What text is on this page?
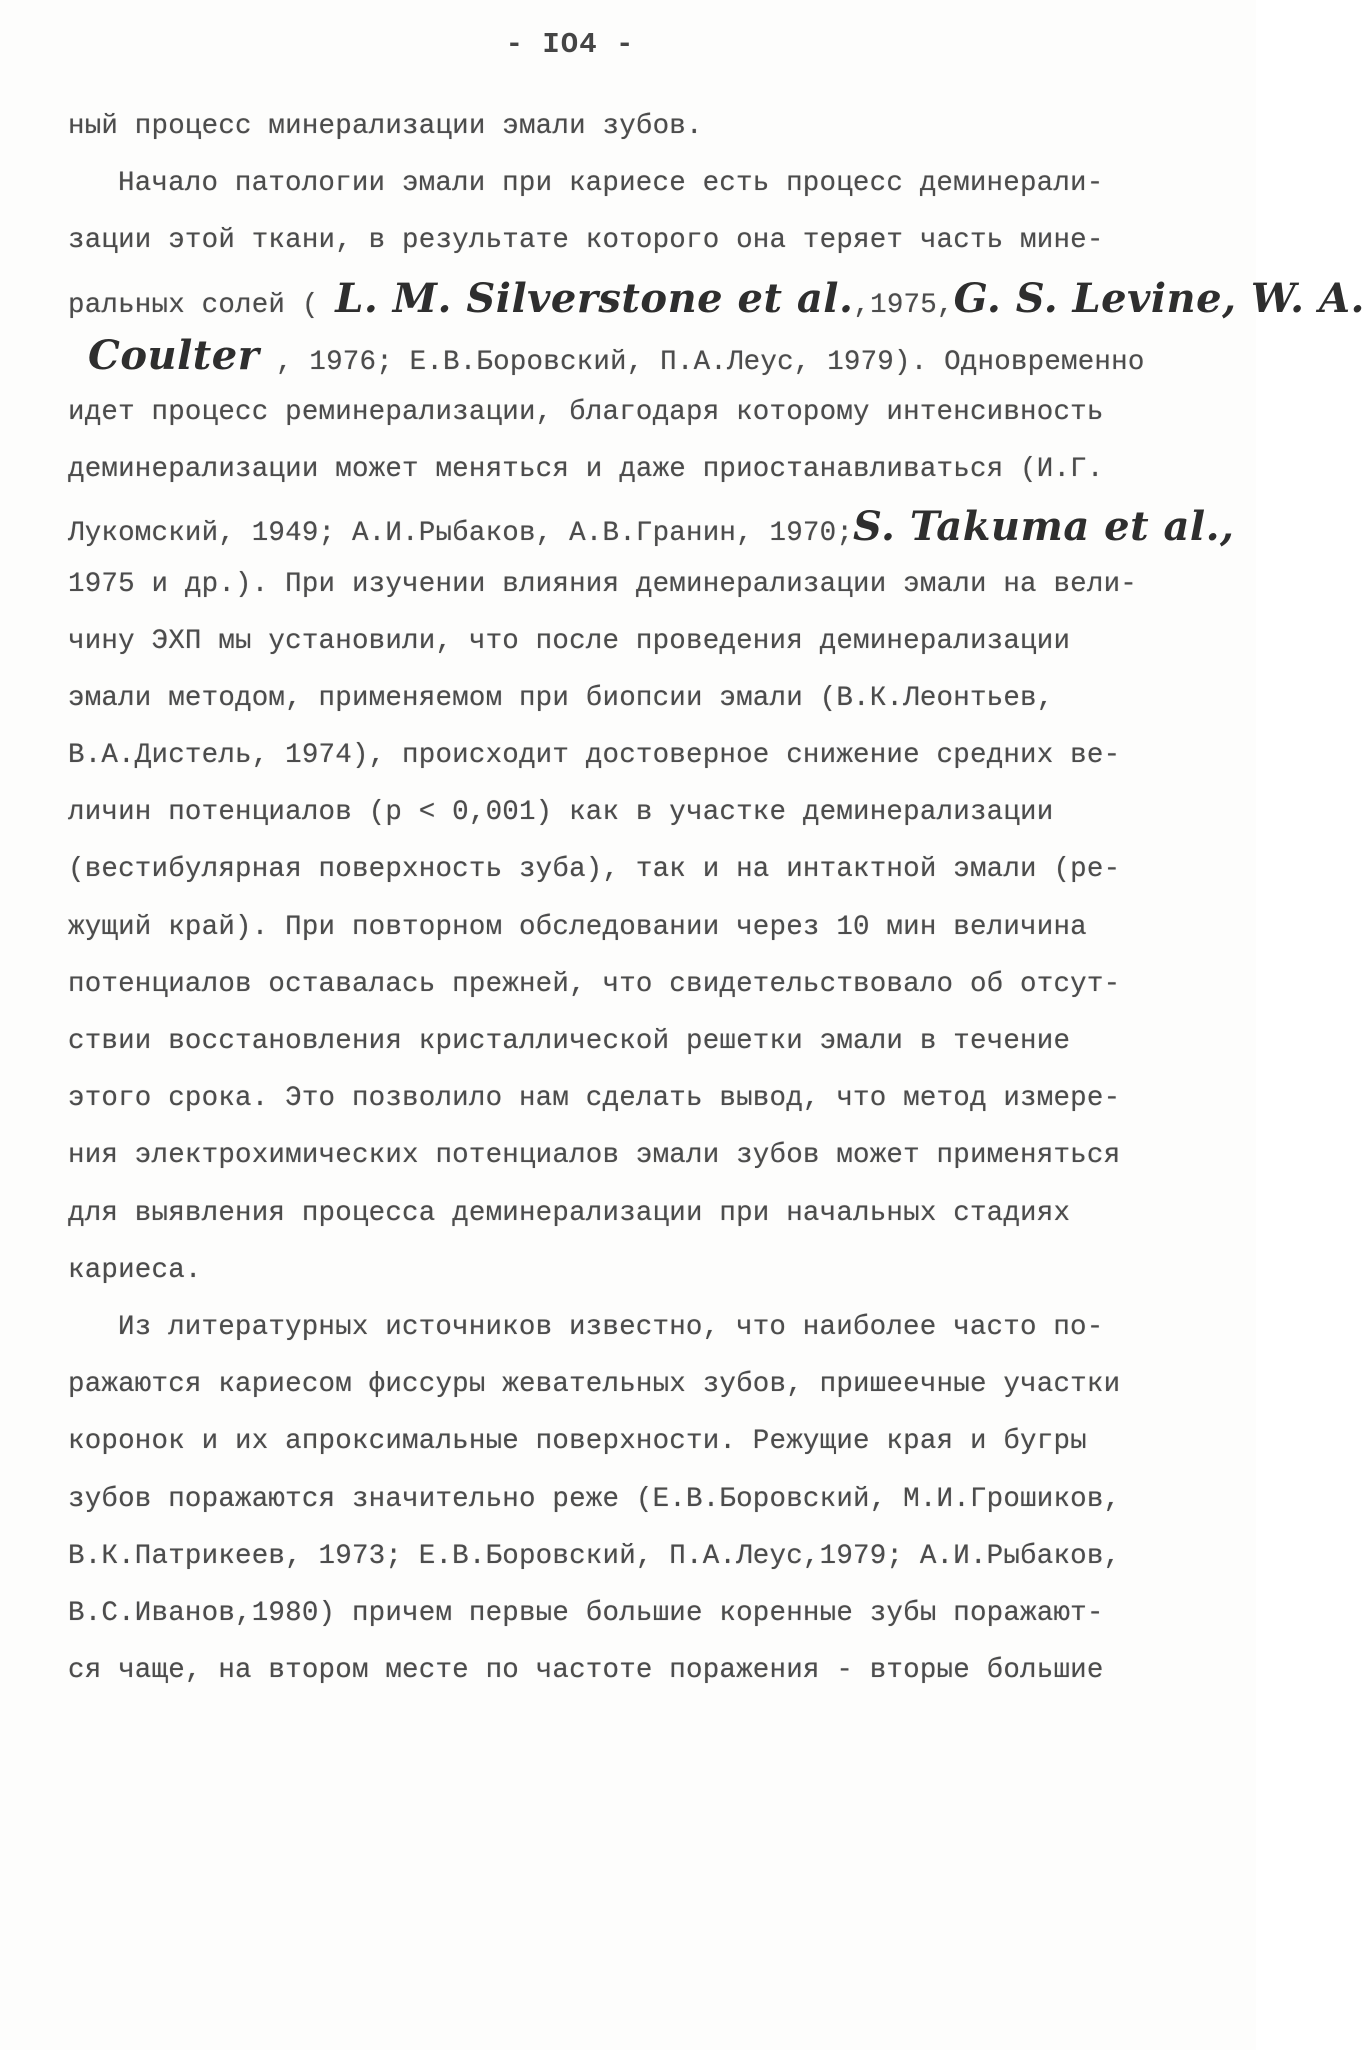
- IO4 -
ный процесс минерализации эмали зубов.
Начало патологии эмали при кариесе есть процесс деминерали-
зации этой ткани, в результате которого она теряет часть мине-
ральных солей ( L. M. Silverstone et al.,1975,G. S. Levine, W. A.
Coulter , 1976; Е.В.Боровский, П.А.Леус, 1979). Одновременно
идет процесс реминерализации, благодаря которому интенсивность
деминерализации может меняться и даже приостанавливаться (И.Г.
Лукомский, 1949; А.И.Рыбаков, А.В.Гранин, 1970;S. Takuma et al.,
1975 и др.). При изучении влияния деминерализации эмали на вели-
чину ЭХП мы установили, что после проведения деминерализации
эмали методом, применяемом при биопсии эмали (В.К.Леонтьев,
В.А.Дистель, 1974), происходит достоверное снижение средних ве-
личин потенциалов (р < 0,001) как в участке деминерализации
(вестибулярная поверхность зуба), так и на интактной эмали (ре-
жущий край). При повторном обследовании через 10 мин величина
потенциалов оставалась прежней, что свидетельствовало об отсут-
ствии восстановления кристаллической решетки эмали в течение
этого срока. Это позволило нам сделать вывод, что метод измере-
ния электрохимических потенциалов эмали зубов может применяться
для выявления процесса деминерализации при начальных стадиях
кариеса.
Из литературных источников известно, что наиболее часто по-
ражаются кариесом фиссуры жевательных зубов, пришеечные участки
коронок и их апроксимальные поверхности. Режущие края и бугры
зубов поражаются значительно реже (Е.В.Боровский, М.И.Грошиков,
В.К.Патрикеев, 1973; Е.В.Боровский, П.А.Леус,1979; А.И.Рыбаков,
В.С.Иванов,1980) причем первые большие коренные зубы поражают-
ся чаще, на втором месте по частоте поражения - вторые большие
